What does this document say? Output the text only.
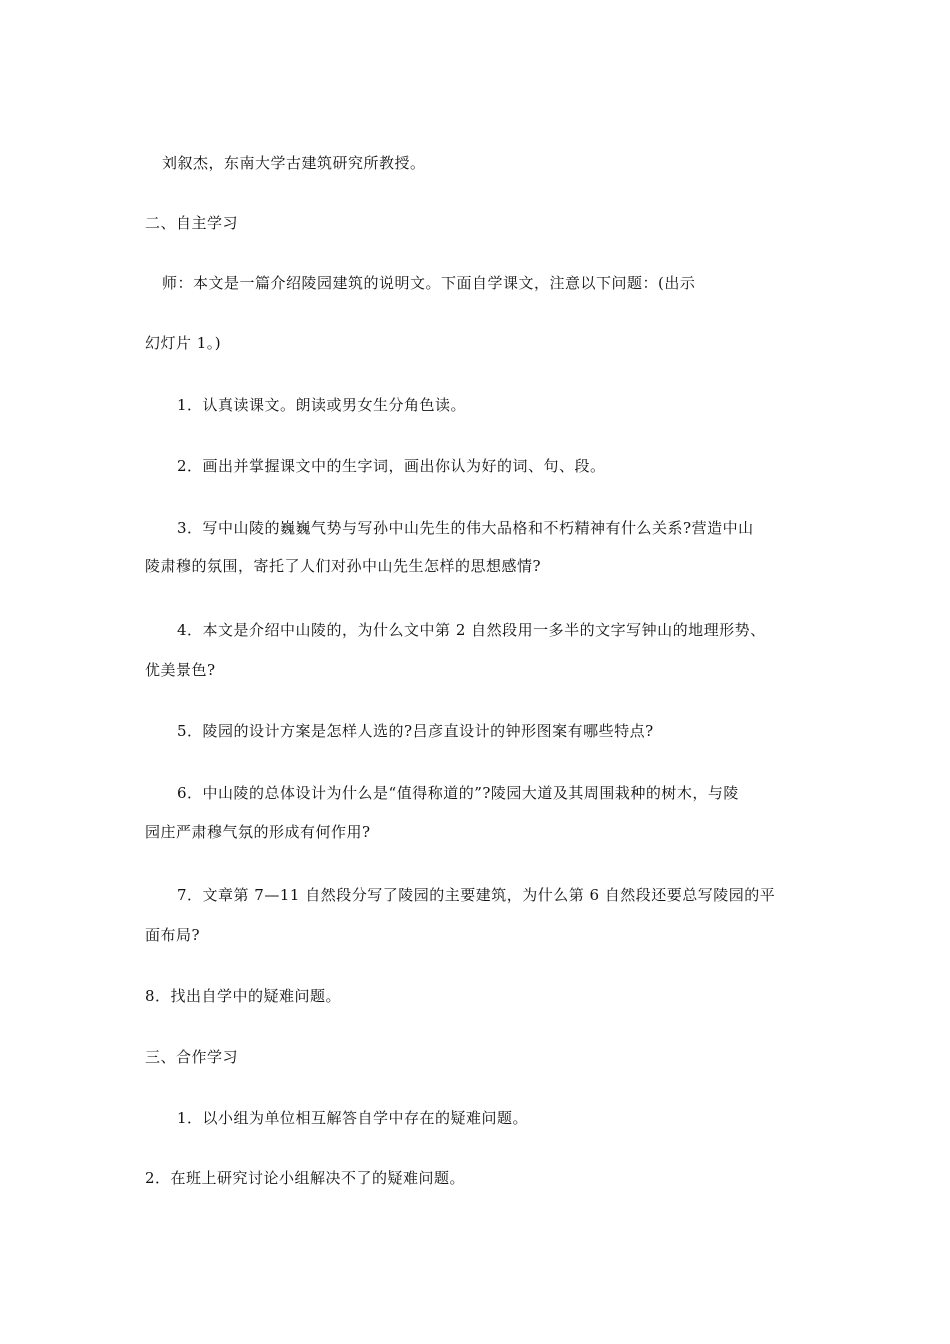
刘叙杰，东南大学古建筑研究所教授。
二、自主学习
师：本文是一篇介绍陵园建筑的说明文。下面自学课文，注意以下问题：(出示
幻灯片 1。)
1．认真读课文。朗读或男女生分角色读。
2．画出并掌握课文中的生字词，画出你认为好的词、句、段。
3．写中山陵的巍巍气势与写孙中山先生的伟大品格和不朽精神有什么关系?营造中山
陵肃穆的氛围，寄托了人们对孙中山先生怎样的思想感情?
4．本文是介绍中山陵的，为什么文中第 2 自然段用一多半的文字写钟山的地理形势、
优美景色?
5．陵园的设计方案是怎样人选的?吕彦直设计的钟形图案有哪些特点?
6．中山陵的总体设计为什么是“值得称道的”?陵园大道及其周围栽种的树木，与陵
园庄严肃穆气氛的形成有何作用?
7．文章第 7—11 自然段分写了陵园的主要建筑，为什么第 6 自然段还要总写陵园的平
面布局?
8．找出自学中的疑难问题。
三、合作学习
1．以小组为单位相互解答自学中存在的疑难问题。
2．在班上研究讨论小组解决不了的疑难问题。
